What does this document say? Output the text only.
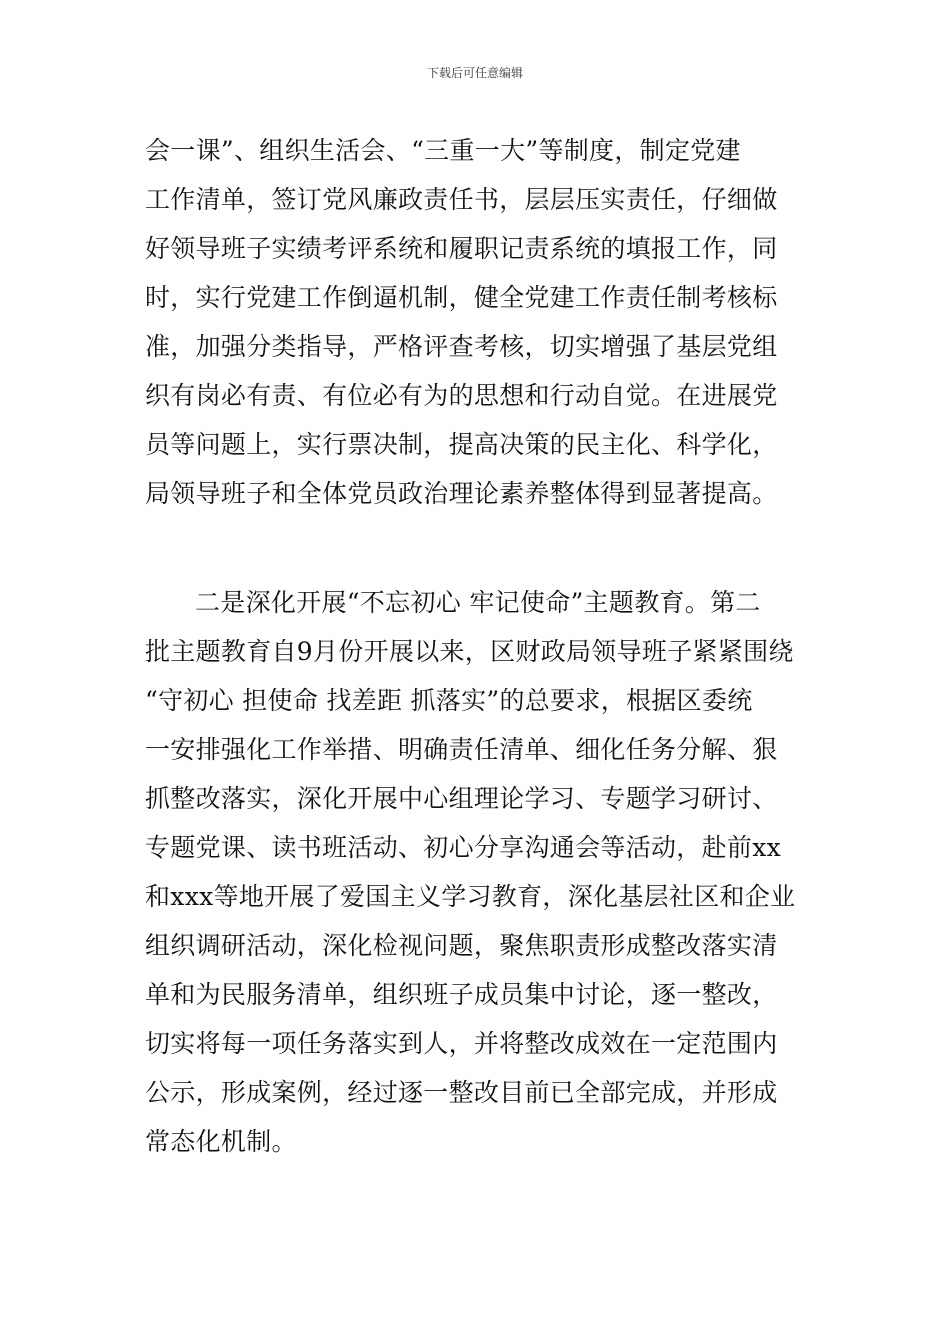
下载后可任意编辑
会一课”、组织生活会、“三重一大”等制度，制定党建
工作清单，签订党风廉政责任书，层层压实责任，仔细做
好领导班子实绩考评系统和履职记责系统的填报工作，同
时，实行党建工作倒逼机制，健全党建工作责任制考核标
准，加强分类指导，严格评查考核，切实增强了基层党组
织有岗必有责、有位必有为的思想和行动自觉。在进展党
员等问题上，实行票决制，提高决策的民主化、科学化，
局领导班子和全体党员政治理论素养整体得到显著提高。
二是深化开展“不忘初心 牢记使命”主题教育。第二
批主题教育自9月份开展以来，区财政局领导班子紧紧围绕
“守初心 担使命 找差距 抓落实”的总要求，根据区委统
一安排强化工作举措、明确责任清单、细化任务分解、狠
抓整改落实，深化开展中心组理论学习、专题学习研讨、
专题党课、读书班活动、初心分享沟通会等活动，赴前xx
和xxx等地开展了爱国主义学习教育，深化基层社区和企业
组织调研活动，深化检视问题，聚焦职责形成整改落实清
单和为民服务清单，组织班子成员集中讨论，逐一整改，
切实将每一项任务落实到人，并将整改成效在一定范围内
公示，形成案例，经过逐一整改目前已全部完成，并形成
常态化机制。
